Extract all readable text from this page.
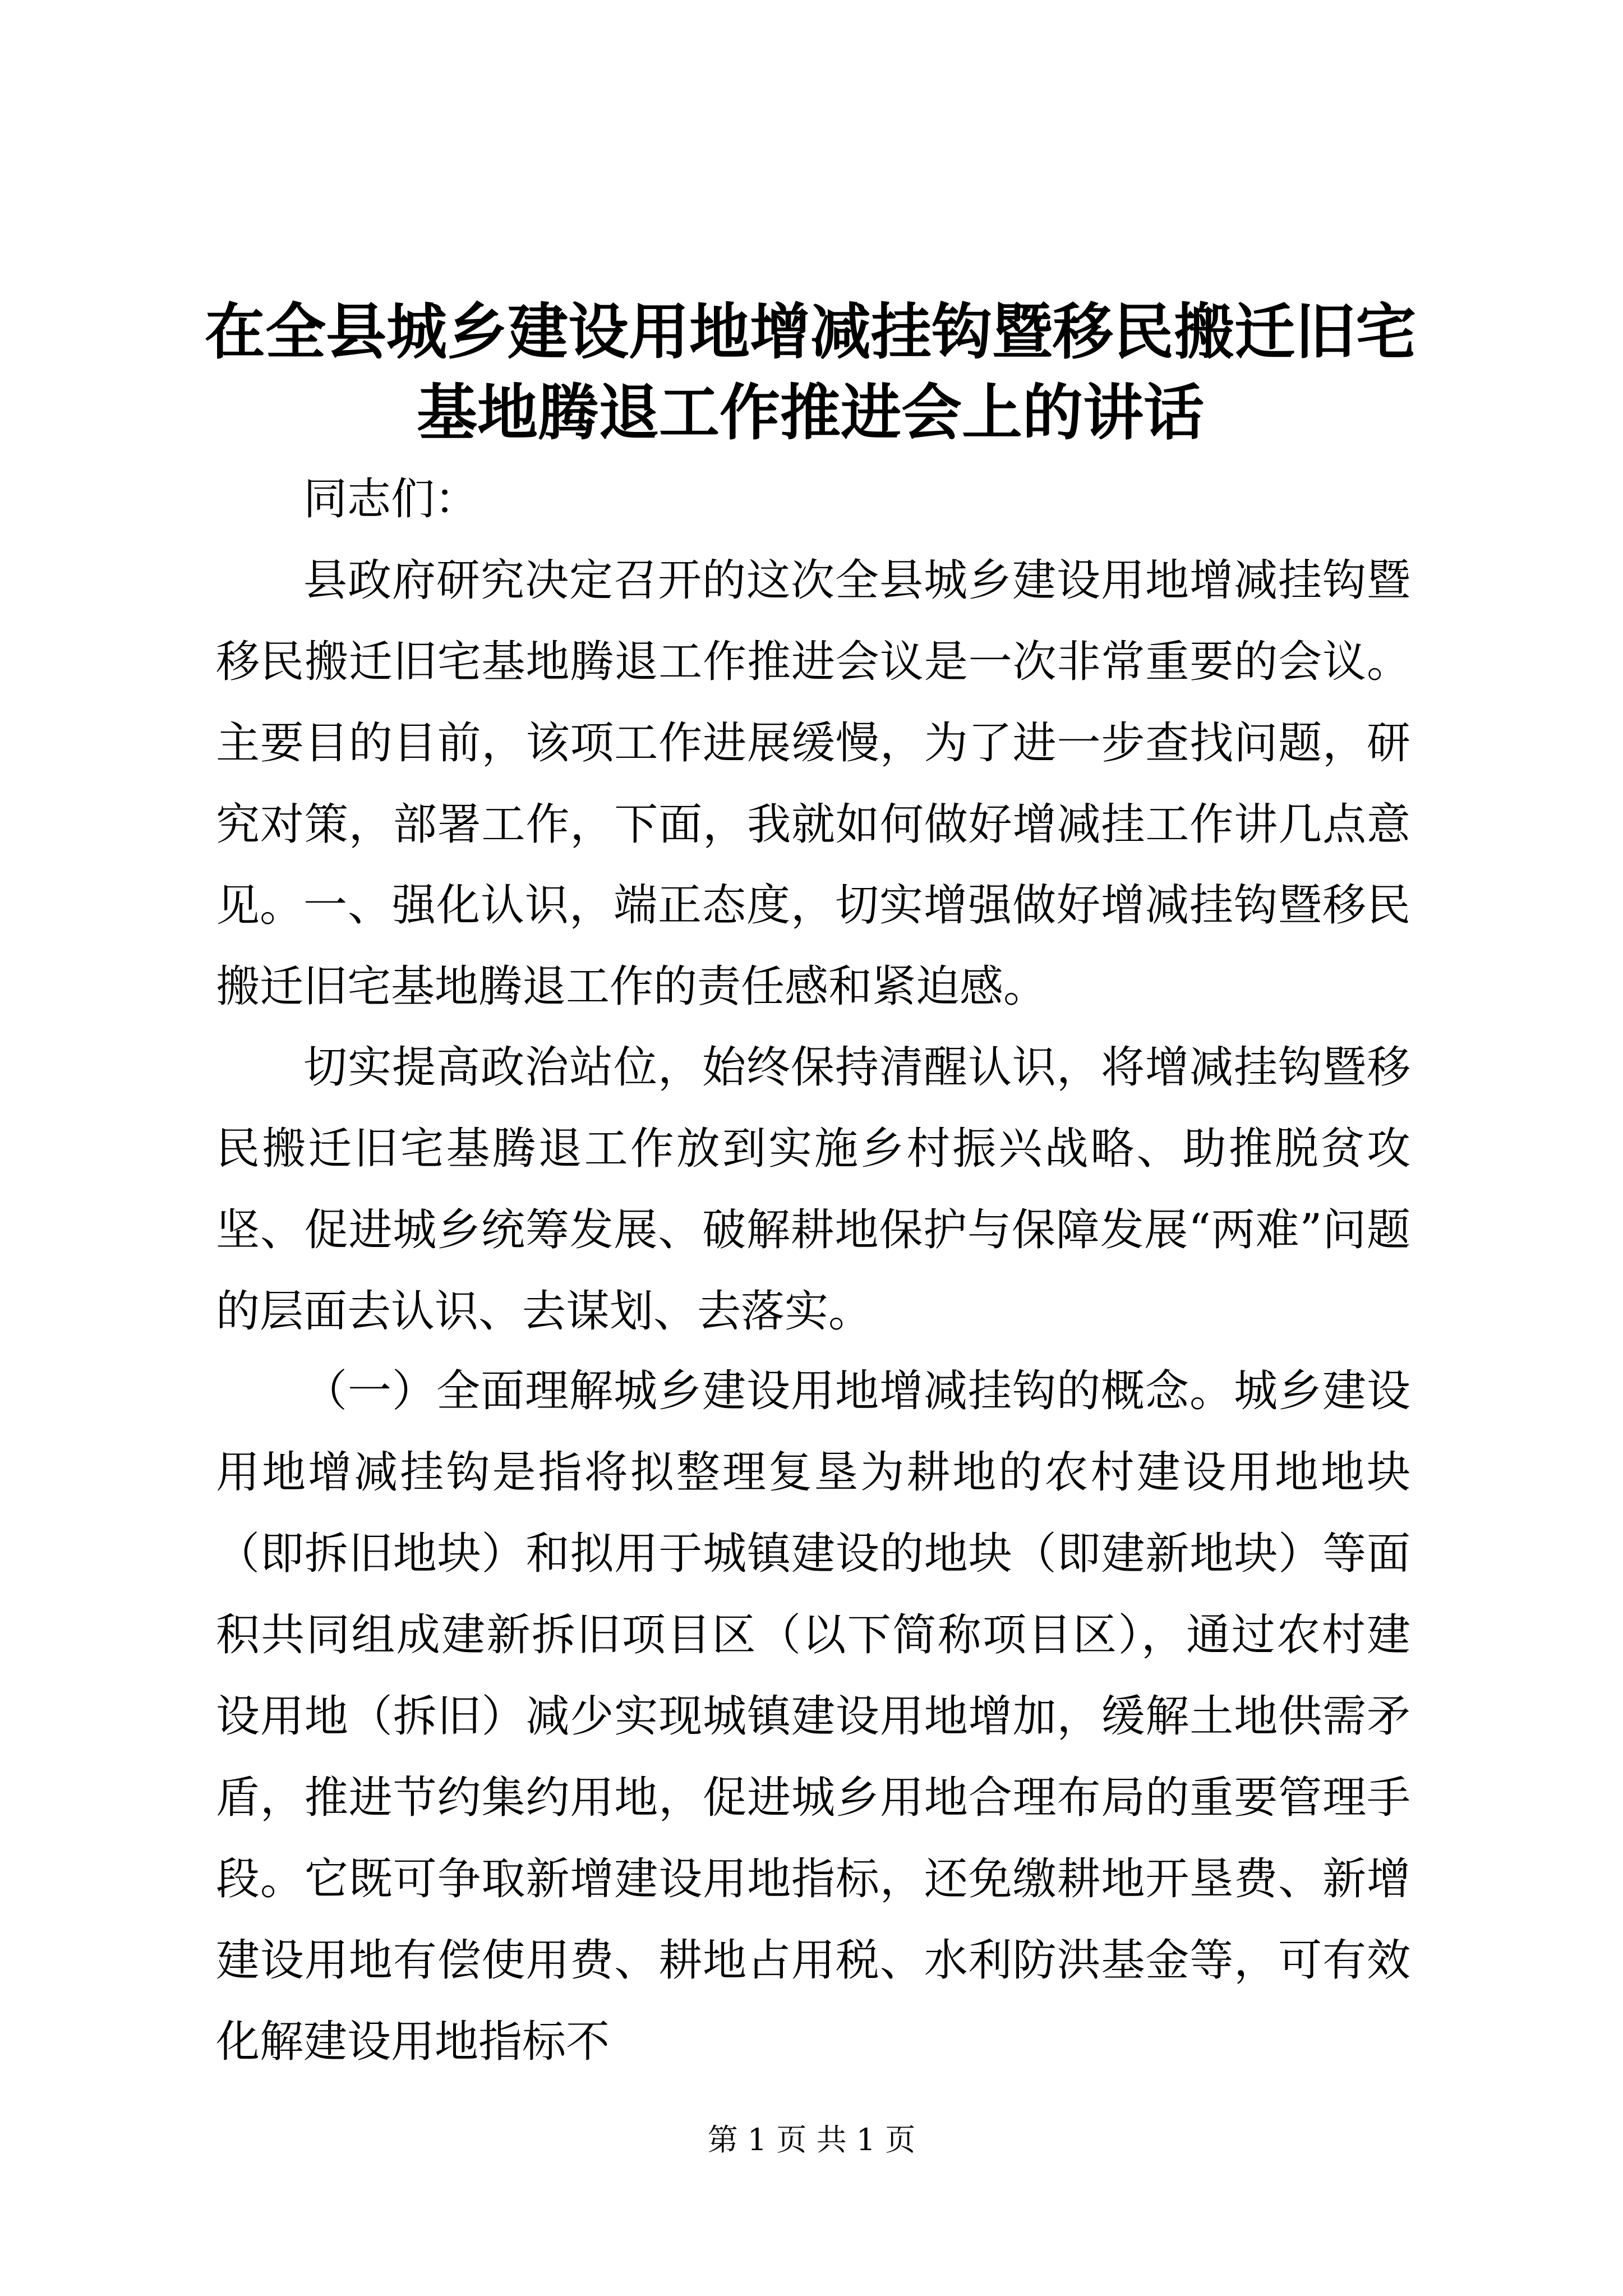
在全县城乡建设用地增减挂钩暨移民搬迁旧宅
基地腾退工作推进会上的讲话

同志们：

县政府研究决定召开的这次全县城乡建设用地增减挂钩暨移民搬迁旧宅基地腾退工作推进会议是一次非常重要的会议。主要目的目前，该项工作进展缓慢，为了进一步查找问题，研究对策，部署工作，下面，我就如何做好增减挂工作讲几点意见。 一、强化认识，端正态度，切实增强做好增减挂钩暨移民搬迁旧宅基地腾退工作的责任感和紧迫感。

切实提高政治站位，始终保持清醒认识，将增减挂钩暨移民搬迁旧宅基腾退工作放到实施乡村振兴战略、助推脱贫攻坚、促进城乡统筹发展、破解耕地保护与保障发展“两难”问题的层面去认识、去谋划、去落实。

（一）全面理解城乡建设用地增减挂钩的概念。城乡建设用地增减挂钩是指将拟整理复垦为耕地的农村建设用地地块（即拆旧地块）和拟用于城镇建设的地块（即建新地块）等面积共同组成建新拆旧项目区（以下简称项目区），通过农村建设用地（拆旧）减少实现城镇建设用地增加，缓解土地供需矛盾，推进节约集约用地，促进城乡用地合理布局的重要管理手段。它既可争取新增建设用地指标，还免缴耕地开垦费、新增建设用地有偿使用费、耕地占用税、水利防洪基金等，可有效化解建设用地指标不

第 1 页 共 1 页
